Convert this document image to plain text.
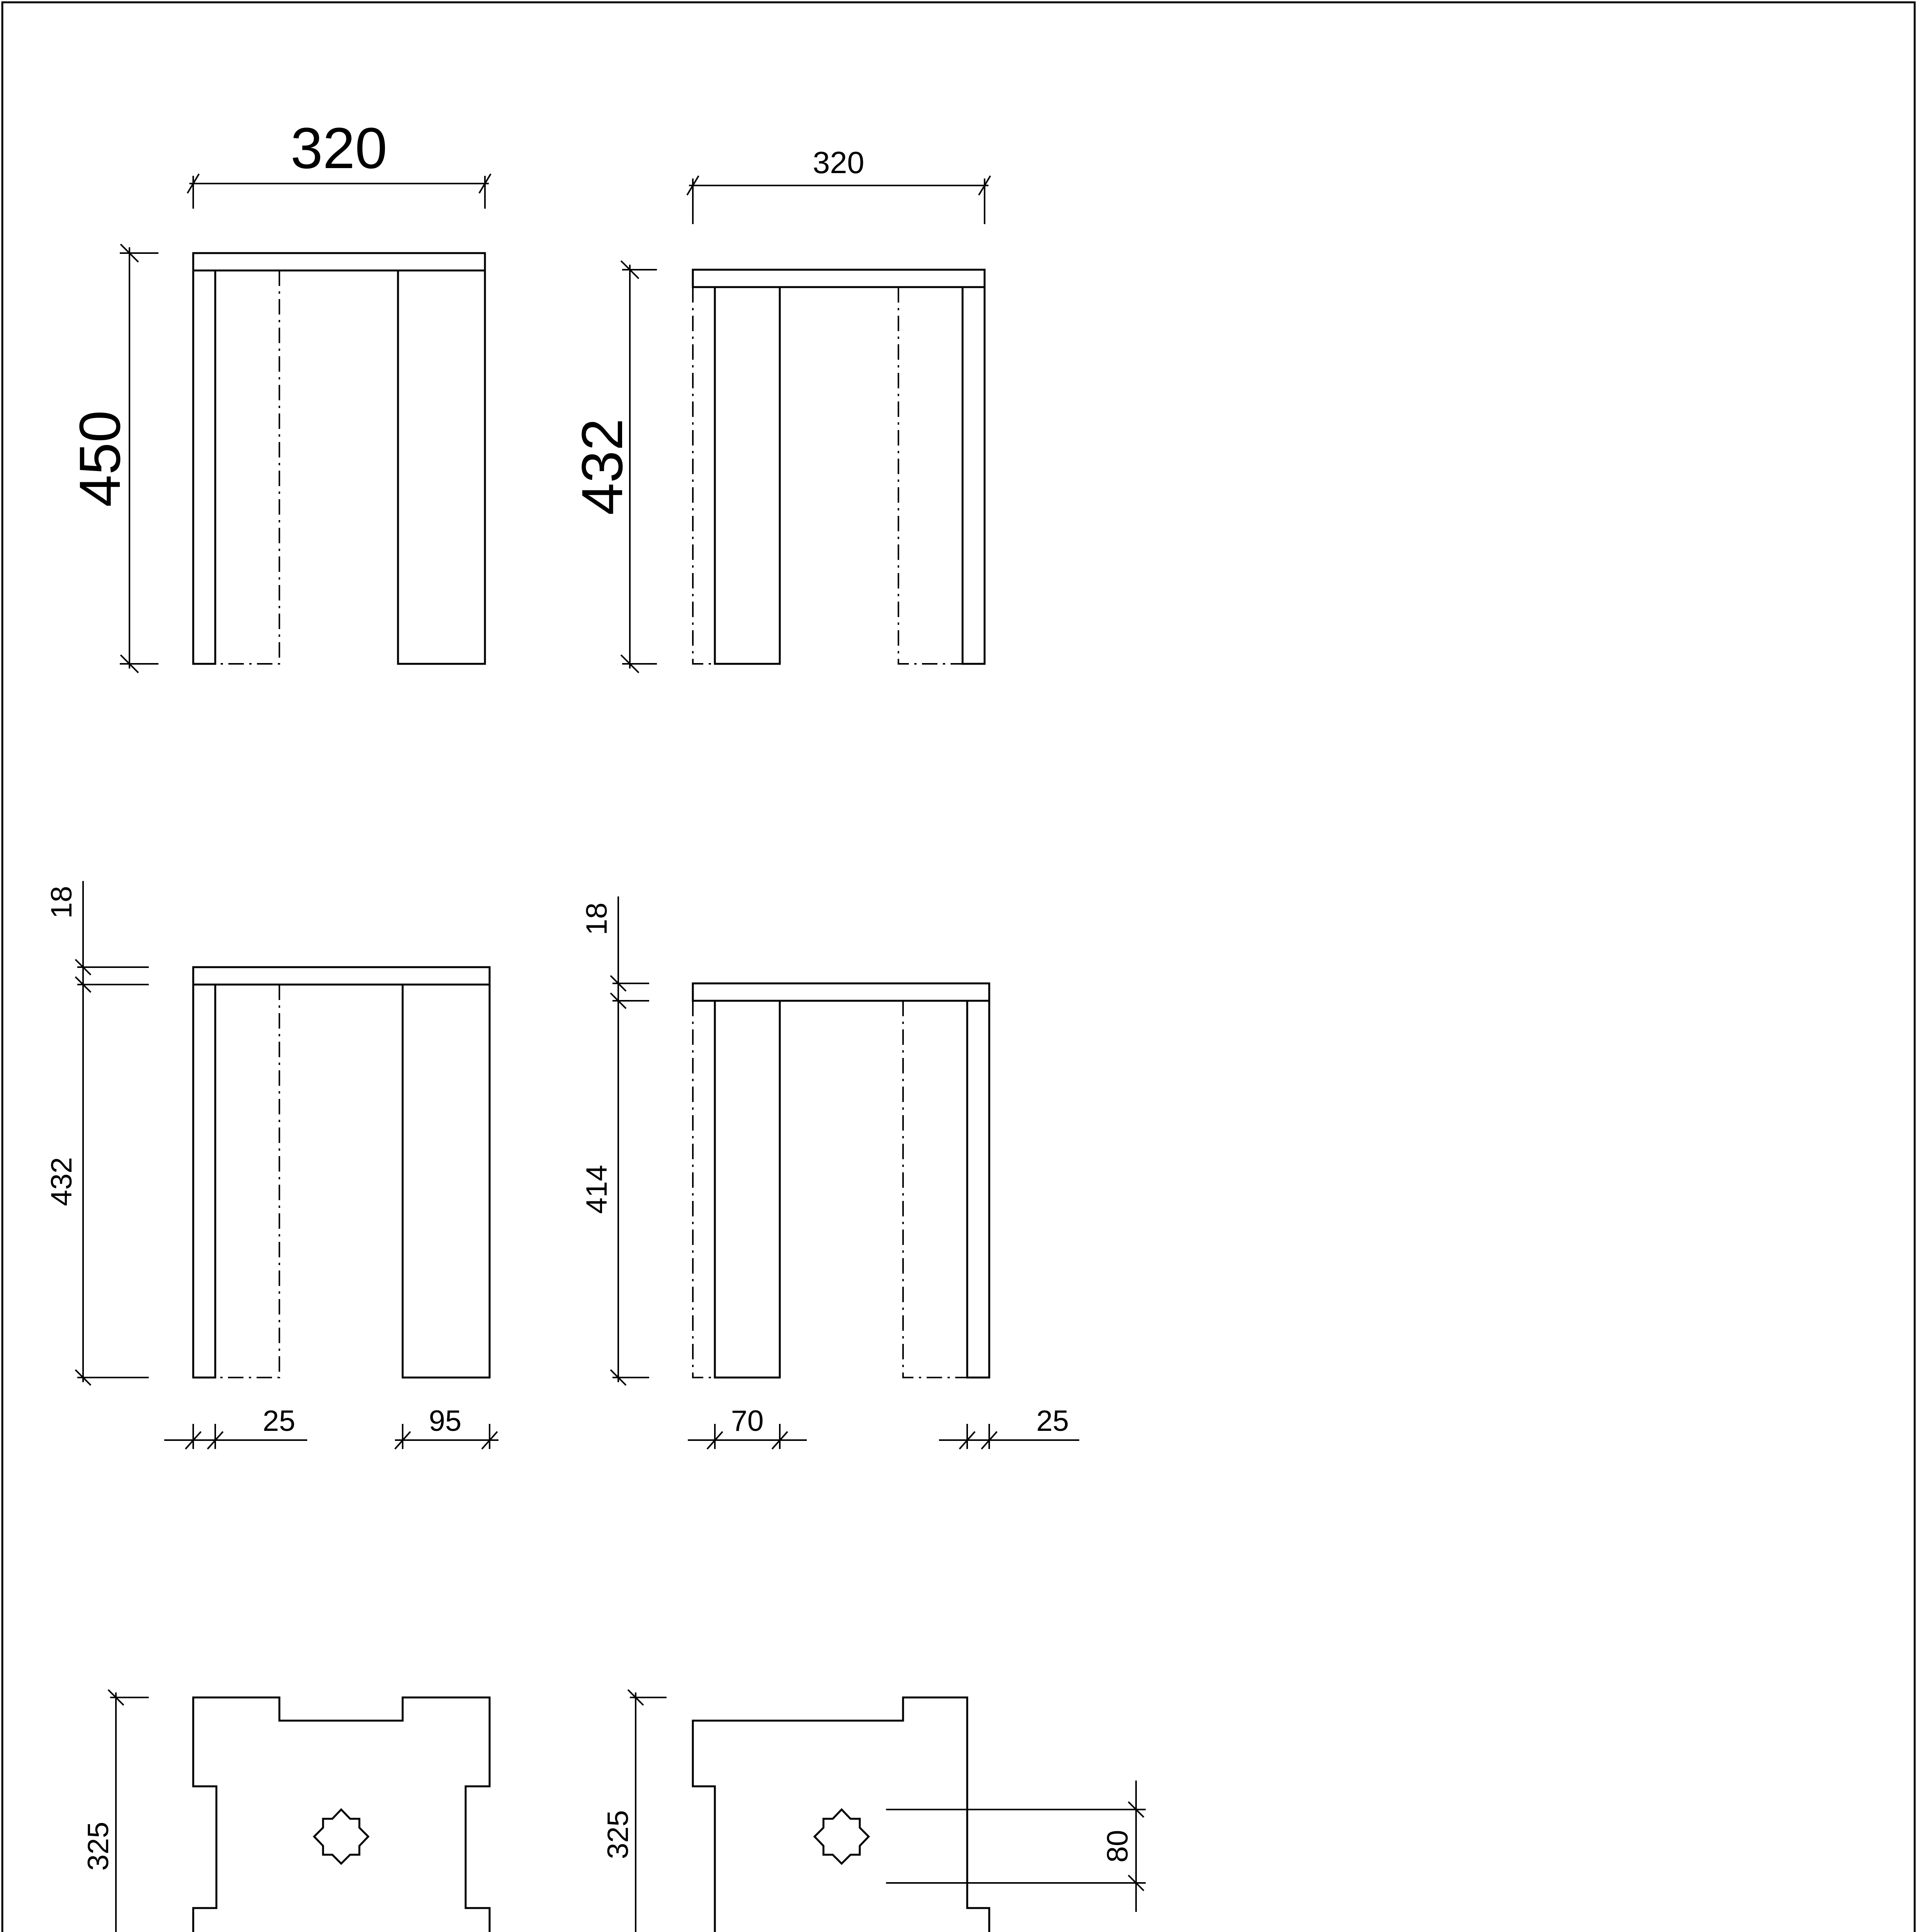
320
450
320
432
18
432
25	95
18
414
70	25
325	325	80
